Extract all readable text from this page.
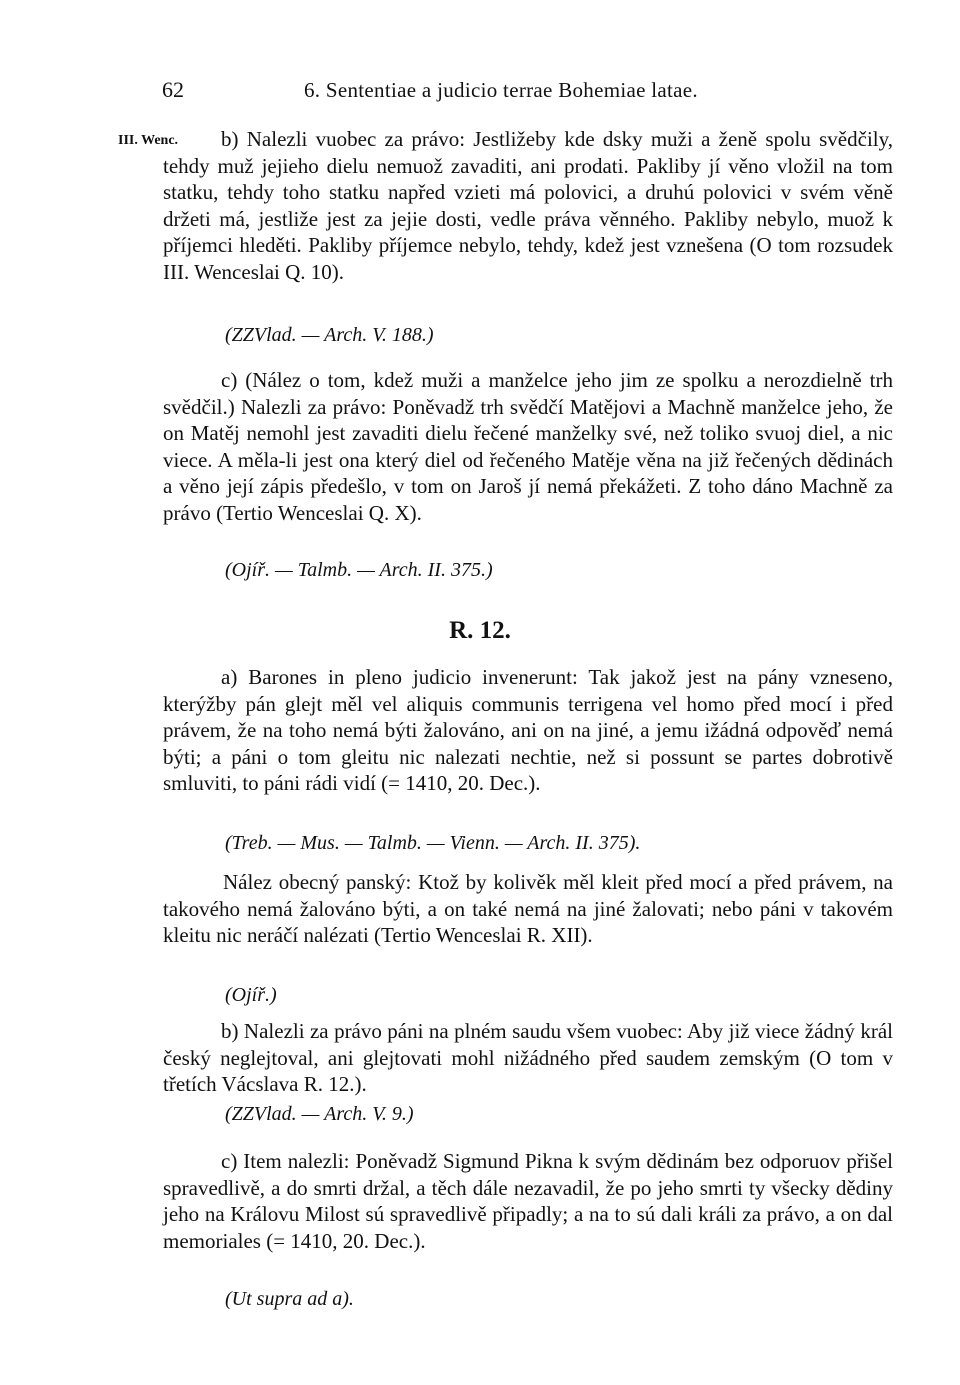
62	6. Sententiae a judicio terrae Bohemiae latae.
III. Wenc.	b) Nalezli vuobec za právo: Jestližeby kde dsky muži a ženě spolu svědčily, tehdy muž jejieho dielu nemuož zavaditi, ani prodati. Pakliby jí věno vložil na tom statku, tehdy toho statku napřed vzieti má polovici, a druhú polovici v svém věně držeti má, jestliže jest za jejie dosti, vedle práva věnného. Pakliby nebylo, muož k příjemci hleděti. Pakliby příjemce nebylo, tehdy, kdež jest vznešena (O tom rozsudek III. Wenceslai Q. 10).

(ZZVlad. — Arch. V. 188.)

c) (Nález o tom, kdež muži a manželce jeho jim ze spolku a nerozdielně trh svědčil.) Nalezli za právo: Poněvadž trh svědčí Matějovi a Machně manželce jeho, že on Matěj nemohl jest zavaditi dielu řečené manželky své, než toliko svuoj diel, a nic viece. A měla-li jest ona který diel od řečeného Matěje věna na již řečených dědinách a věno její zápis předešlo, v tom on Jaroš jí nemá překážeti. Z toho dáno Machně za právo (Tertio Wenceslai Q. X).

(Ojíř. — Talmb. — Arch. II. 375.)
R. 12.

a) Barones in pleno judicio invenerunt: Tak jakož jest na pány vzneseno, kterýžby pán glejt měl vel aliquis communis terrigena vel homo před mocí i před právem, že na toho nemá býti žalováno, ani on na jiné, a jemu ižádná odpověď nemá býti; a páni o tom gleitu nic nalezati nechtie, než si possunt se partes dobrotivě smluviti, to páni rádi vidí (= 1410, 20. Dec.).

(Treb. — Mus. — Talmb. — Vienn. — Arch. II. 375).

Nález obecný panský: Ktož by kolivěk měl kleit před mocí a před právem, na takového nemá žalováno býti, a on také nemá na jiné žalovati; nebo páni v takovém kleitu nic neráčí nalézati (Tertio Wenceslai R. XII).

(Ojíř.)

b) Nalezli za právo páni na plném saudu všem vuobec: Aby již viece žádný král český neglejtoval, ani glejtovati mohl nižádného před saudem zemským (O tom v třetích Vácslava R. 12.).

(ZZVlad. — Arch. V. 9.)

c) Item nalezli: Poněvadž Sigmund Pikna k svým dědinám bez odporuov přišel spravedlivě, a do smrti držal, a těch dále nezavadil, že po jeho smrti ty všecky dědiny jeho na Královu Milost sú spravedlivě připadly; a na to sú dali králi za právo, a on dal memoriales (= 1410, 20. Dec.).

(Ut supra ad a).
